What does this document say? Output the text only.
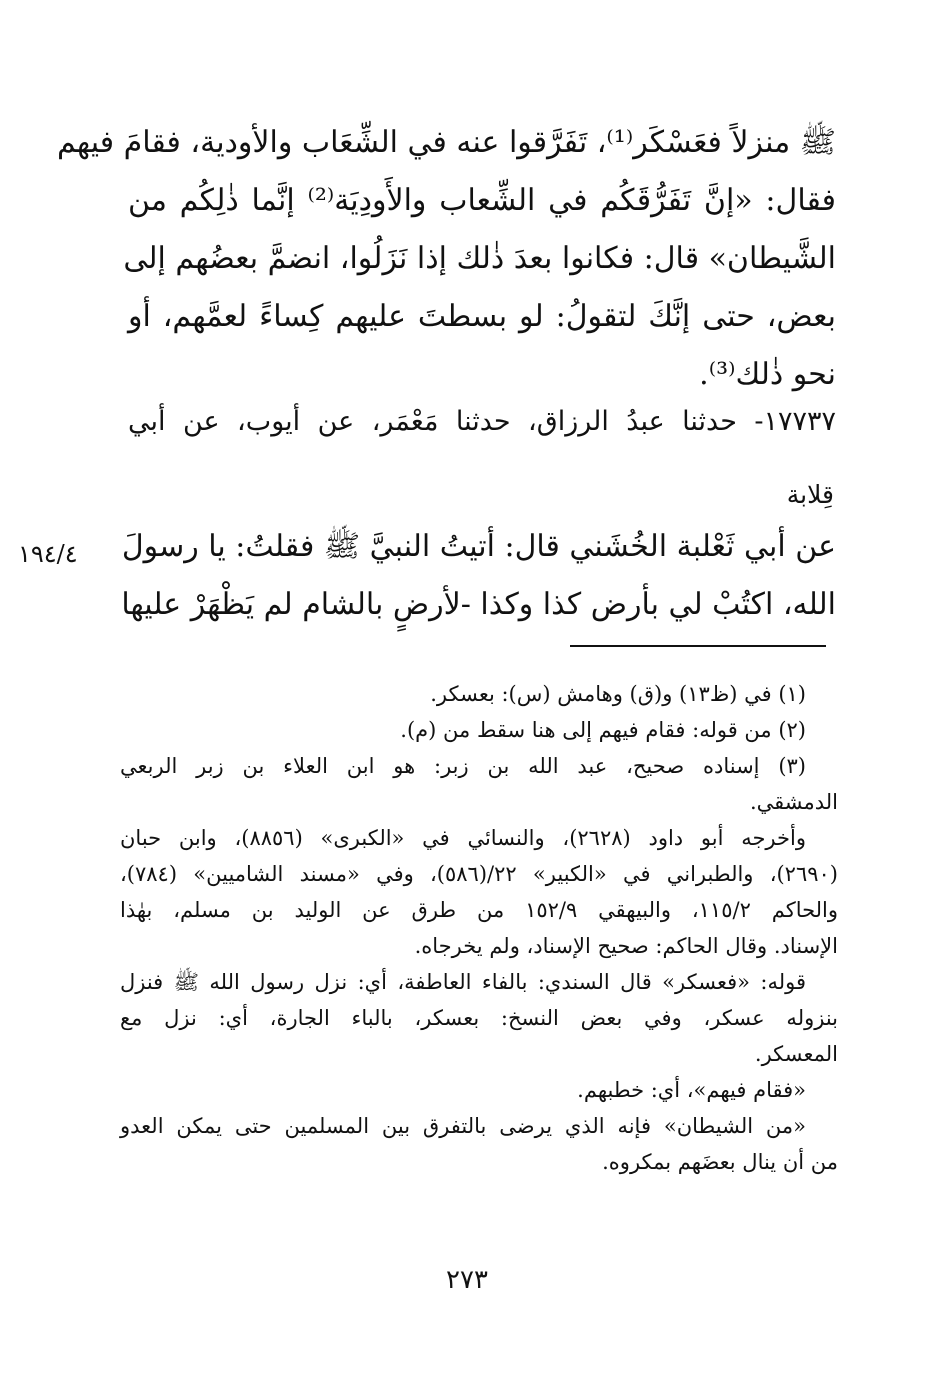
ﷺ منزلاً فعَسْكَر⁽¹⁾، تَفَرَّقوا عنه في الشِّعَاب والأودية، فقامَ فيهم
فقال: «إنَّ تَفَرُّقَكُم في الشِّعاب والأَودِيَة⁽²⁾ إنَّما ذٰلِكُم من
الشَّيطان» قال: فكانوا بعدَ ذٰلك إذا نَزَلُوا، انضمَّ بعضُهم إلى
بعض، حتى إنَّكَ لتقولُ: لو بسطتَ عليهم كِساءً لعمَّهم، أو
نحو ذٰلك⁽³⁾.
١٧٧٣٧- حدثنا عبدُ الرزاق، حدثنا مَعْمَر، عن أيوب، عن أبي
قِلابة
عن أبي ثَعْلبة الخُشَني قال: أتيتُ النبيَّ ﷺ فقلتُ: يا رسولَ
الله، اكتُبْ لي بأرض كذا وكذا -لأرضٍ بالشام لم يَظْهَرْ عليها
١٩٤/٤
(١) في (ظ١٣) و(ق) وهامش (س): بعسكر.
(٢) من قوله: فقام فيهم إلى هنا سقط من (م).
(٣) إسناده صحيح، عبد الله بن زبر: هو ابن العلاء بن زبر الربعي
الدمشقي.
وأخرجه أبو داود (٢٦٢٨)، والنسائي في «الكبرى» (٨٨٥٦)، وابن حبان
(٢٦٩٠)، والطبراني في «الكبير» ٢٢/(٥٨٦)، وفي «مسند الشاميين» (٧٨٤)،
والحاكم ١١٥/٢، والبيهقي ١٥٢/٩ من طرق عن الوليد بن مسلم، بهٰذا
الإسناد. وقال الحاكم: صحيح الإسناد، ولم يخرجاه.
قوله: «فعسكر» قال السندي: بالفاء العاطفة، أي: نزل رسول الله ﷺ فنزل
بنزوله عسكر، وفي بعض النسخ: بعسكر، بالباء الجارة، أي: نزل مع
المعسكر.
«فقام فيهم»، أي: خطبهم.
«من الشيطان» فإنه الذي يرضى بالتفرق بين المسلمين حتى يمكن العدو
من أن ينال بعضَهم بمكروه.
٢٧٣
